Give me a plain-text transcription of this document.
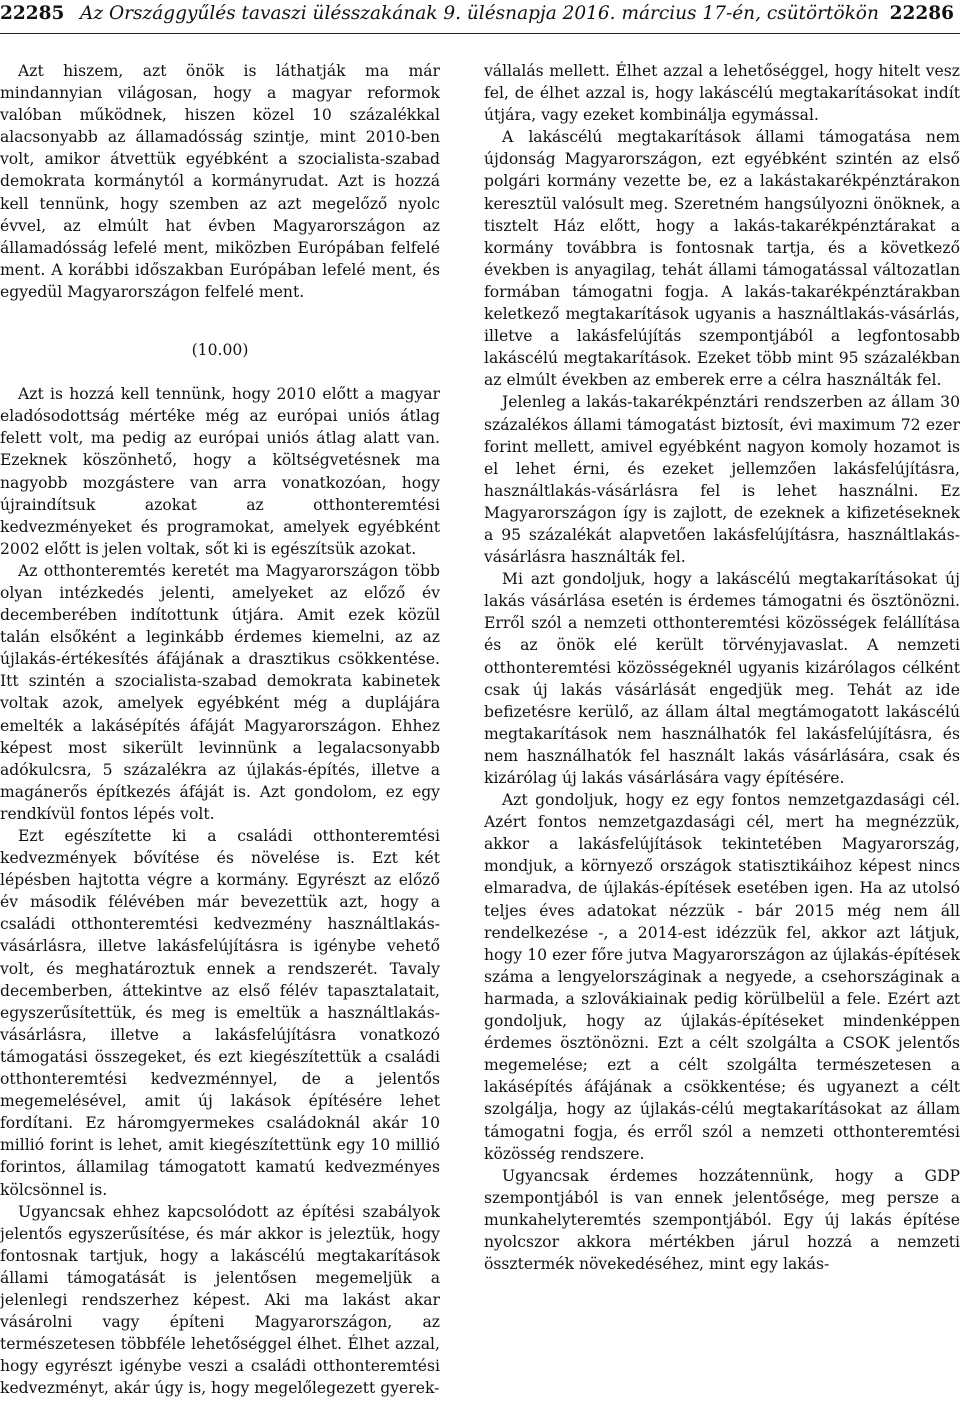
22285 Az Országgyűlés tavaszi ülésszakának 9. ülésnapja 2016. március 17-én, csütörtökön 22286

Azt hiszem, azt önök is láthatják ma már mindannyian világosan, hogy a magyar reformok valóban működnek, hiszen közel 10 százalékkal alacsonyabb az államadósság szintje, mint 2010-ben volt, amikor átvettük egyébként a szocialista-szabad demokrata kormánytól a kormányrudat. Azt is hozzá kell tennünk, hogy szemben az azt megelőző nyolc évvel, az elmúlt hat évben Magyarországon az államadósság lefelé ment, miközben Európában felfelé ment. A korábbi időszakban Európában lefelé ment, és egyedül Magyarországon felfelé ment.

(10.00)

Azt is hozzá kell tennünk, hogy 2010 előtt a magyar eladósodottság mértéke még az európai uniós átlag felett volt, ma pedig az európai uniós átlag alatt van. Ezeknek köszönhető, hogy a költségvetésnek ma nagyobb mozgástere van arra vonatkozóan, hogy újraindítsuk azokat az otthonteremtési kedvezményeket és programokat, amelyek egyébként 2002 előtt is jelen voltak, sőt ki is egészítsük azokat.

Az otthonteremtés keretét ma Magyarországon több olyan intézkedés jelenti, amelyeket az előző év decemberében indítottunk útjára. Amit ezek közül talán elsőként a leginkább érdemes kiemelni, az az újlakás-értékesítés áfájának a drasztikus csökkentése. Itt szintén a szocialista-szabad demokrata kabinetek voltak azok, amelyek egyébként még a duplájára emelték a lakásépítés áfáját Magyarországon. Ehhez képest most sikerült levinnünk a legalacsonyabb adókulcsra, 5 százalékra az újlakás-építés, illetve a magánerős építkezés áfáját is. Azt gondolom, ez egy rendkívül fontos lépés volt.

Ezt egészítette ki a családi otthonteremtési kedvezmények bővítése és növelése is. Ezt két lépésben hajtotta végre a kormány. Egyrészt az előző év második félévében már bevezettük azt, hogy a családi otthonteremtési kedvezmény használtlakás-vásárlásra, illetve lakásfelújításra is igénybe vehető volt, és meghatároztuk ennek a rendszerét. Tavaly decemberben, áttekintve az első félév tapasztalatait, egyszerűsítettük, és meg is emeltük a használtlakás-vásárlásra, illetve a lakásfelújításra vonatkozó támogatási összegeket, és ezt kiegészítettük a családi otthonteremtési kedvezménnyel, de a jelentős megemelésével, amit új lakások építésére lehet fordítani. Ez háromgyermekes családoknál akár 10 millió forint is lehet, amit kiegészítettünk egy 10 millió forintos, államilag támogatott kamatú kedvezményes kölcsönnel is.

Ugyancsak ehhez kapcsolódott az építési szabályok jelentős egyszerűsítése, és már akkor is jeleztük, hogy fontosnak tartjuk, hogy a lakáscélú megtakarítások állami támogatását is jelentősen megemeljük a jelenlegi rendszerhez képest. Aki ma lakást akar vásárolni vagy építeni Magyarországon, az természetesen többféle lehetőséggel élhet. Élhet azzal, hogy egyrészt igénybe veszi a családi otthonteremtési kedvezményt, akár úgy is, hogy megelőlegezett gyerek-

vállalás mellett. Élhet azzal a lehetőséggel, hogy hitelt vesz fel, de élhet azzal is, hogy lakáscélú megtakarításokat indít útjára, vagy ezeket kombinálja egymással.

A lakáscélú megtakarítások állami támogatása nem újdonság Magyarországon, ezt egyébként szintén az első polgári kormány vezette be, ez a lakástakarékpénztárakon keresztül valósult meg. Szeretném hangsúlyozni önöknek, a tisztelt Ház előtt, hogy a lakás-takarékpénztárakat a kormány továbbra is fontosnak tartja, és a következő években is anyagilag, tehát állami támogatással változatlan formában támogatni fogja. A lakás-takarékpénztárakban keletkező megtakarítások ugyanis a használtlakás-vásárlás, illetve a lakásfelújítás szempontjából a legfontosabb lakáscélú megtakarítások. Ezeket több mint 95 százalékban az elmúlt években az emberek erre a célra használták fel.

Jelenleg a lakás-takarékpénztári rendszerben az állam 30 százalékos állami támogatást biztosít, évi maximum 72 ezer forint mellett, amivel egyébként nagyon komoly hozamot is el lehet érni, és ezeket jellemzően lakásfelújításra, használtlakás-vásárlásra fel is lehet használni. Ez Magyarországon így is zajlott, de ezeknek a kifizetéseknek a 95 százalékát alapvetően lakásfelújításra, használtlakás-vásárlásra használták fel.

Mi azt gondoljuk, hogy a lakáscélú megtakarításokat új lakás vásárlása esetén is érdemes támogatni és ösztönözni. Erről szól a nemzeti otthonteremtési közösségek felállítása és az önök elé került törvényjavaslat. A nemzeti otthonteremtési közösségeknél ugyanis kizárólagos célként csak új lakás vásárlását engedjük meg. Tehát az ide befizetésre kerülő, az állam által megtámogatott lakáscélú megtakarítások nem használhatók fel lakásfelújításra, és nem használhatók fel használt lakás vásárlására, csak és kizárólag új lakás vásárlására vagy építésére.

Azt gondoljuk, hogy ez egy fontos nemzetgazdasági cél. Azért fontos nemzetgazdasági cél, mert ha megnézzük, akkor a lakásfelújítások tekintetében Magyarország, mondjuk, a környező országok statisztikáihoz képest nincs elmaradva, de újlakás-építések esetében igen. Ha az utolsó teljes éves adatokat nézzük - bár 2015 még nem áll rendelkezése -, a 2014-est idézzük fel, akkor azt látjuk, hogy 10 ezer főre jutva Magyarországon az újlakás-építések száma a lengyelországinak a negyede, a csehországinak a harmada, a szlovákiainak pedig körülbelül a fele. Ezért azt gondoljuk, hogy az újlakás-építéseket mindenképpen érdemes ösztönözni. Ezt a célt szolgálta a CSOK jelentős megemelése; ezt a célt szolgálta természetesen a lakásépítés áfájának a csökkentése; és ugyanezt a célt szolgálja, hogy az újlakás-célú megtakarításokat az állam támogatni fogja, és erről szól a nemzeti otthonteremtési közösség rendszere.

Ugyancsak érdemes hozzátennünk, hogy a GDP szempontjából is van ennek jelentősége, meg persze a munkahelyteremtés szempontjából. Egy új lakás építése nyolcszor akkora mértékben járul hozzá a nemzeti össztermék növekedéséhez, mint egy lakás-
